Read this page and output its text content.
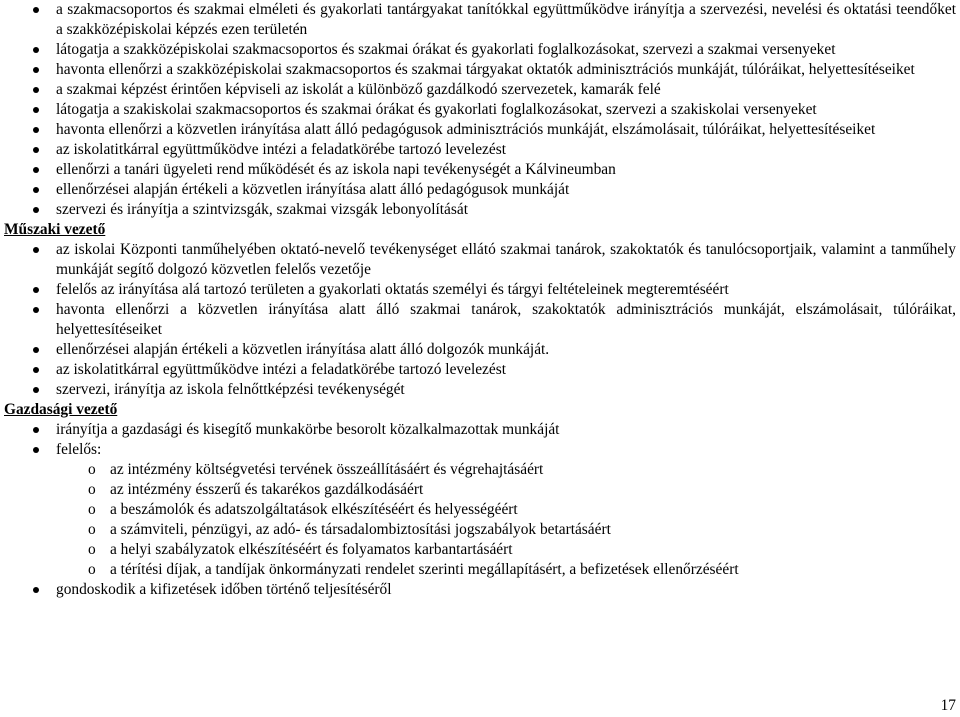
a szakmacsoportos és szakmai elméleti és gyakorlati tantárgyakat tanítókkal együttműködve irányítja a szervezési, nevelési és oktatási teendőket a szakközépiskolai képzés ezen területén
látogatja a szakközépiskolai szakmacsoportos és szakmai órákat és gyakorlati foglalkozásokat, szervezi a szakmai versenyeket
havonta ellenőrzi a szakközépiskolai szakmacsoportos és szakmai tárgyakat oktatók adminisztrációs munkáját, túlóráikat, helyettesítéseiket
a szakmai képzést érintően képviseli az iskolát a különböző gazdálkodó szervezetek, kamarák felé
látogatja a szakiskolai szakmacsoportos és szakmai órákat és gyakorlati foglalkozásokat, szervezi a szakiskolai versenyeket
havonta ellenőrzi a közvetlen irányítása alatt álló pedagógusok adminisztrációs munkáját, elszámolásait, túlóráikat, helyettesítéseiket
az iskolatitkárral együttműködve intézi a feladatkörébe tartozó levelezést
ellenőrzi a tanári ügyeleti rend működését és az iskola napi tevékenységét a Kálvineumban
ellenőrzései alapján értékeli a közvetlen irányítása alatt álló pedagógusok munkáját
szervezi és irányítja a szintvizsgák, szakmai vizsgák lebonyolítását
Műszaki vezető
az iskolai Központi tanműhelyében oktató-nevelő tevékenységet ellátó szakmai tanárok, szakoktatók és tanulócsoportjaik, valamint a tanműhely munkáját segítő dolgozó közvetlen felelős vezetője
felelős az irányítása alá tartozó területen a gyakorlati oktatás személyi és tárgyi feltételeinek megteremtéséért
havonta ellenőrzi a közvetlen irányítása alatt álló szakmai tanárok, szakoktatók adminisztrációs munkáját, elszámolásait, túlóráikat, helyettesítéseiket
ellenőrzései alapján értékeli a közvetlen irányítása alatt álló dolgozók munkáját.
az iskolatitkárral együttműködve intézi a feladatkörébe tartozó levelezést
szervezi, irányítja az iskola felnőttképzési tevékenységét
Gazdasági vezető
irányítja a gazdasági és kisegítő munkakörbe besorolt közalkalmazottak munkáját
felelős:
o az intézmény költségvetési tervének összeállításáért és végrehajtásáért
o az intézmény ésszerű és takarékos gazdálkodásáért
o a beszámolók és adatszolgáltatások elkészítéséért és helyességéért
o a számviteli, pénzügyi, az adó- és társadalombiztosítási jogszabályok betartásáért
o a helyi szabályzatok elkészítéséért és folyamatos karbantartásáért
o a térítési díjak, a tandíjak önkormányzati rendelet szerinti megállapításért, a befizetések ellenőrzéséért
gondoskodik a kifizetések időben történő teljesítéséről
17
